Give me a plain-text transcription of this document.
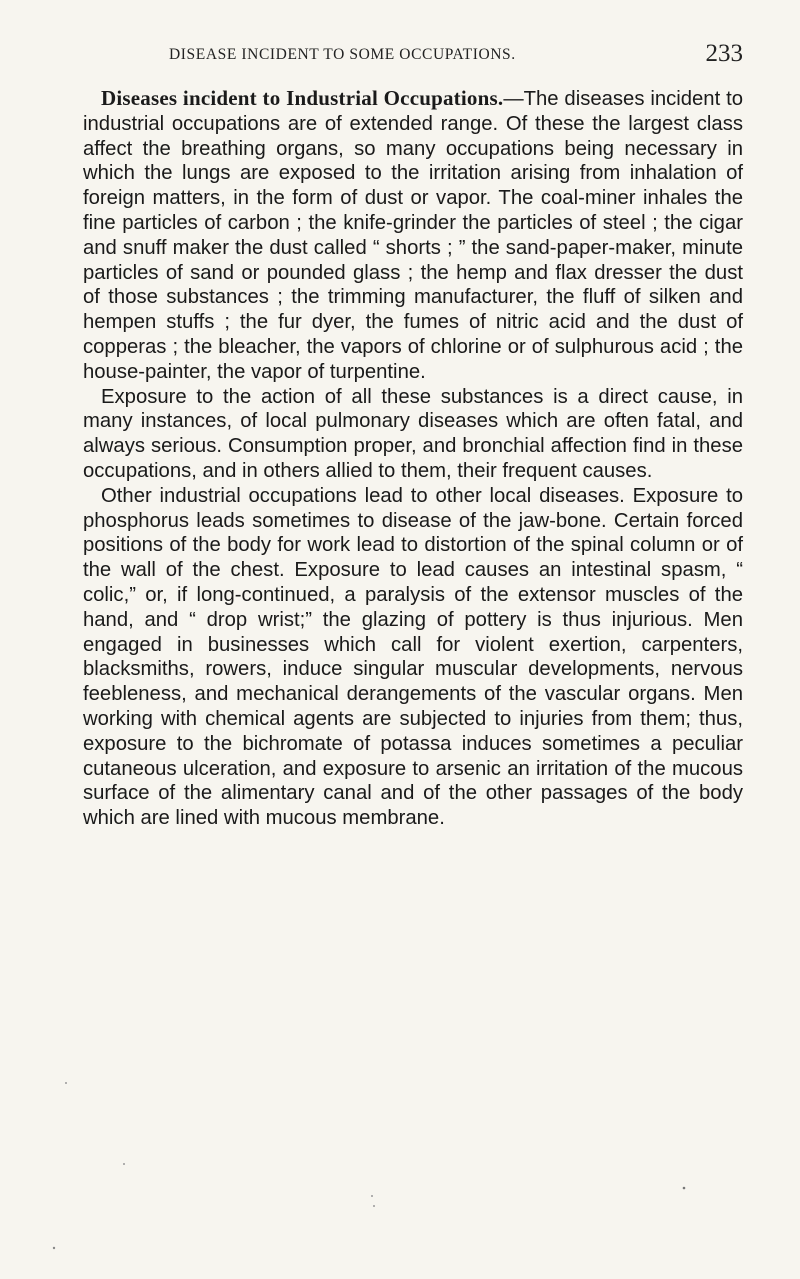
DISEASE INCIDENT TO SOME OCCUPATIONS.	233

Diseases incident to Industrial Occupations.—The diseases incident to industrial occupations are of extended range. Of these the largest class affect the breathing organs, so many occupations being necessary in which the lungs are exposed to the irritation arising from inhalation of foreign matters, in the form of dust or vapor. The coal-miner inhales the fine particles of carbon ; the knife-grinder the particles of steel ; the cigar and snuff maker the dust called “ shorts ; ” the sand-paper-maker, minute particles of sand or pounded glass ; the hemp and flax dresser the dust of those substances ; the trimming manufacturer, the fluff of silken and hempen stuffs ; the fur dyer, the fumes of nitric acid and the dust of copperas ; the bleacher, the vapors of chlorine or of sulphurous acid ; the house-painter, the vapor of turpentine.

Exposure to the action of all these substances is a direct cause, in many instances, of local pulmonary diseases which are often fatal, and always serious. Consumption proper, and bronchial affection find in these occupations, and in others allied to them, their frequent causes.

Other industrial occupations lead to other local diseases. Exposure to phosphorus leads sometimes to disease of the jaw-bone. Certain forced positions of the body for work lead to distortion of the spinal column or of the wall of the chest. Exposure to lead causes an intestinal spasm, “ colic,” or, if long-continued, a paralysis of the extensor muscles of the hand, and “ drop wrist;” the glazing of pottery is thus injurious. Men engaged in businesses which call for violent exertion, carpenters, blacksmiths, rowers, induce singular muscular developments, nervous feebleness, and mechanical derangements of the vascular organs. Men working with chemical agents are subjected to injuries from them; thus, exposure to the bichromate of potassa induces sometimes a peculiar cutaneous ulceration, and exposure to arsenic an irritation of the mucous surface of the alimentary canal and of the other passages of the body which are lined with mucous membrane.
